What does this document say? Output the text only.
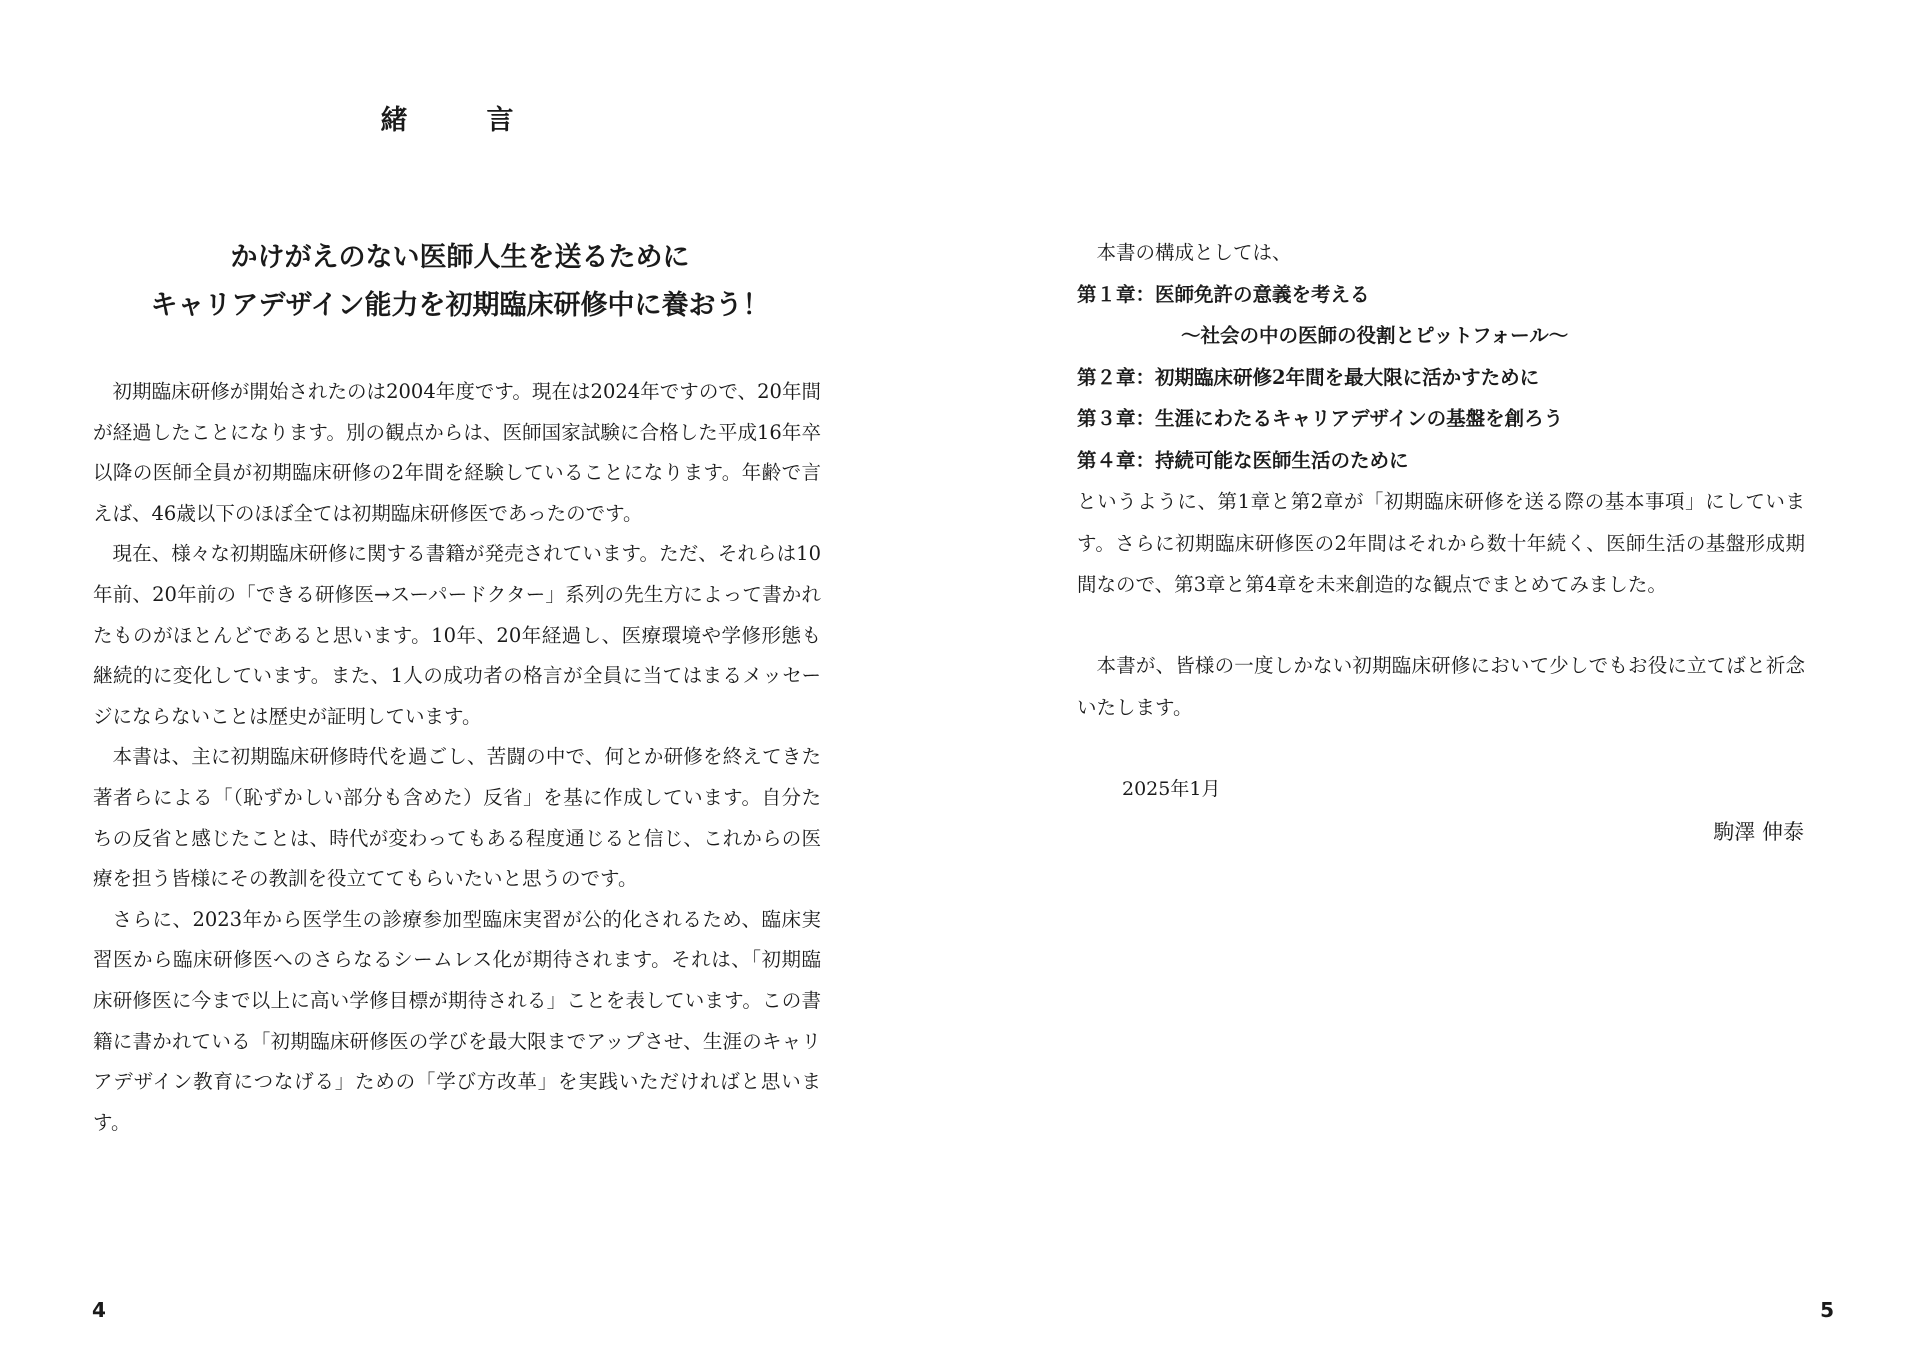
緒　言
かけがえのない医師人生を送るために
キャリアデザイン能力を初期臨床研修中に養おう！

初期臨床研修が開始されたのは2004年度です。現在は2024年ですので、20年間が経過したことになります。別の観点からは、医師国家試験に合格した平成16年卒以降の医師全員が初期臨床研修の2年間を経験していることになります。年齢で言えば、46歳以下のほぼ全ては初期臨床研修医であったのです。

現在、様々な初期臨床研修に関する書籍が発売されています。ただ、それらは10年前、20年前の「できる研修医→スーパードクター」系列の先生方によって書かれたものがほとんどであると思います。10年、20年経過し、医療環境や学修形態も継続的に変化しています。また、1人の成功者の格言が全員に当てはまるメッセージにならないことは歴史が証明しています。

本書は、主に初期臨床研修時代を過ごし、苦闘の中で、何とか研修を終えてきた著者らによる「（恥ずかしい部分も含めた）反省」を基に作成しています。自分たちの反省と感じたことは、時代が変わってもある程度通じると信じ、これからの医療を担う皆様にその教訓を役立ててもらいたいと思うのです。

さらに、2023年から医学生の診療参加型臨床実習が公的化されるため、臨床実習医から臨床研修医へのさらなるシームレス化が期待されます。それは、「初期臨床研修医に今まで以上に高い学修目標が期待される」ことを表しています。この書籍に書かれている「初期臨床研修医の学びを最大限までアップさせ、生涯のキャリアデザイン教育につなげる」ための「学び方改革」を実践いただければと思います。

4

本書の構成としては、

第１章：医師免許の意義を考える

〜社会の中の医師の役割とピットフォール〜

第２章：初期臨床研修2年間を最大限に活かすために

第３章：生涯にわたるキャリアデザインの基盤を創ろう

第４章：持続可能な医師生活のために

というように、第1章と第2章が「初期臨床研修を送る際の基本事項」にしています。さらに初期臨床研修医の2年間はそれから数十年続く、医師生活の基盤形成期間なので、第3章と第4章を未来創造的な観点でまとめてみました。

本書が、皆様の一度しかない初期臨床研修において少しでもお役に立てばと祈念いたします。

2025年1月
駒澤 伸泰
5
